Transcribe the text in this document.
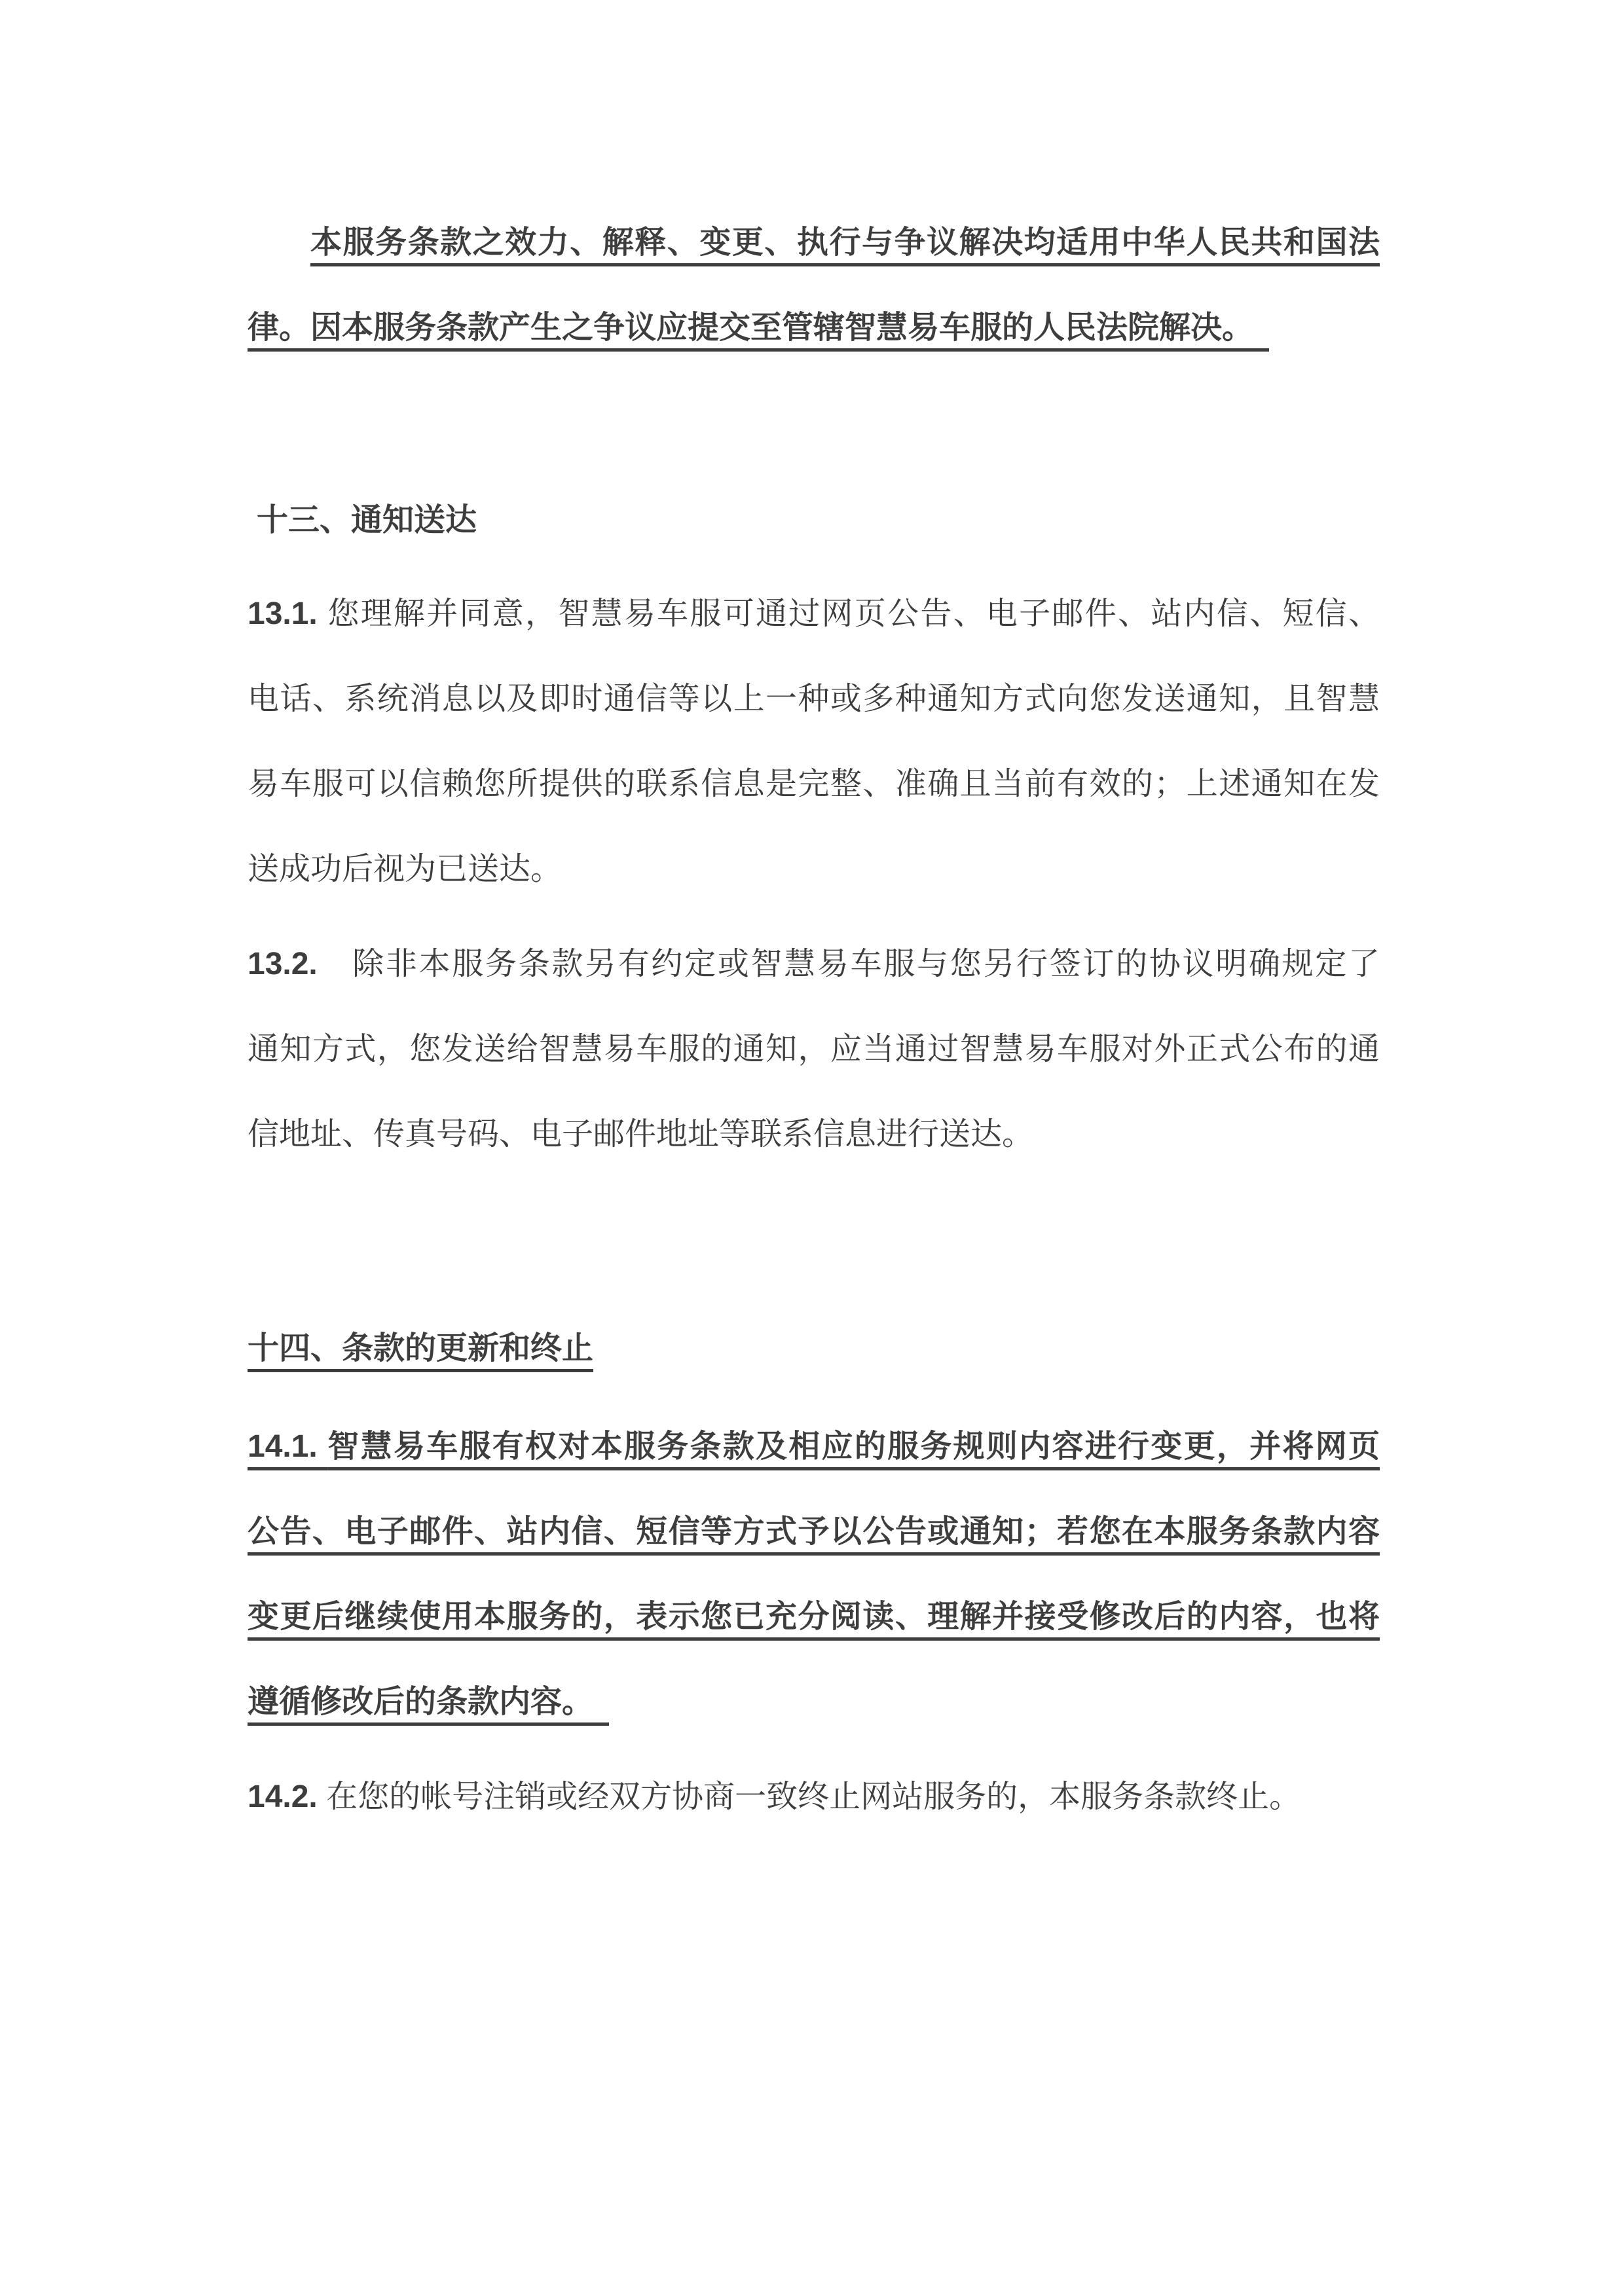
本服务条款之效力、解释、变更、执行与争议解决均适用中华人民共和国法
律。因本服务条款产生之争议应提交至管辖智慧易车服的人民法院解决。　
十三、通知送达
13.1. 您理解并同意，智慧易车服可通过网页公告、电子邮件、站内信、短信、
电话、系统消息以及即时通信等以上一种或多种通知方式向您发送通知，且智慧
易车服可以信赖您所提供的联系信息是完整、准确且当前有效的；上述通知在发
送成功后视为已送达。
13.2.　除非本服务条款另有约定或智慧易车服与您另行签订的协议明确规定了
通知方式，您发送给智慧易车服的通知，应当通过智慧易车服对外正式公布的通
信地址、传真号码、电子邮件地址等联系信息进行送达。
十四、条款的更新和终止
14.1. 智慧易车服有权对本服务条款及相应的服务规则内容进行变更，并将网页
公告、电子邮件、站内信、短信等方式予以公告或通知；若您在本服务条款内容
变更后继续使用本服务的，表示您已充分阅读、理解并接受修改后的内容，也将
遵循修改后的条款内容。　
14.2. 在您的帐号注销或经双方协商一致终止网站服务的，本服务条款终止。
